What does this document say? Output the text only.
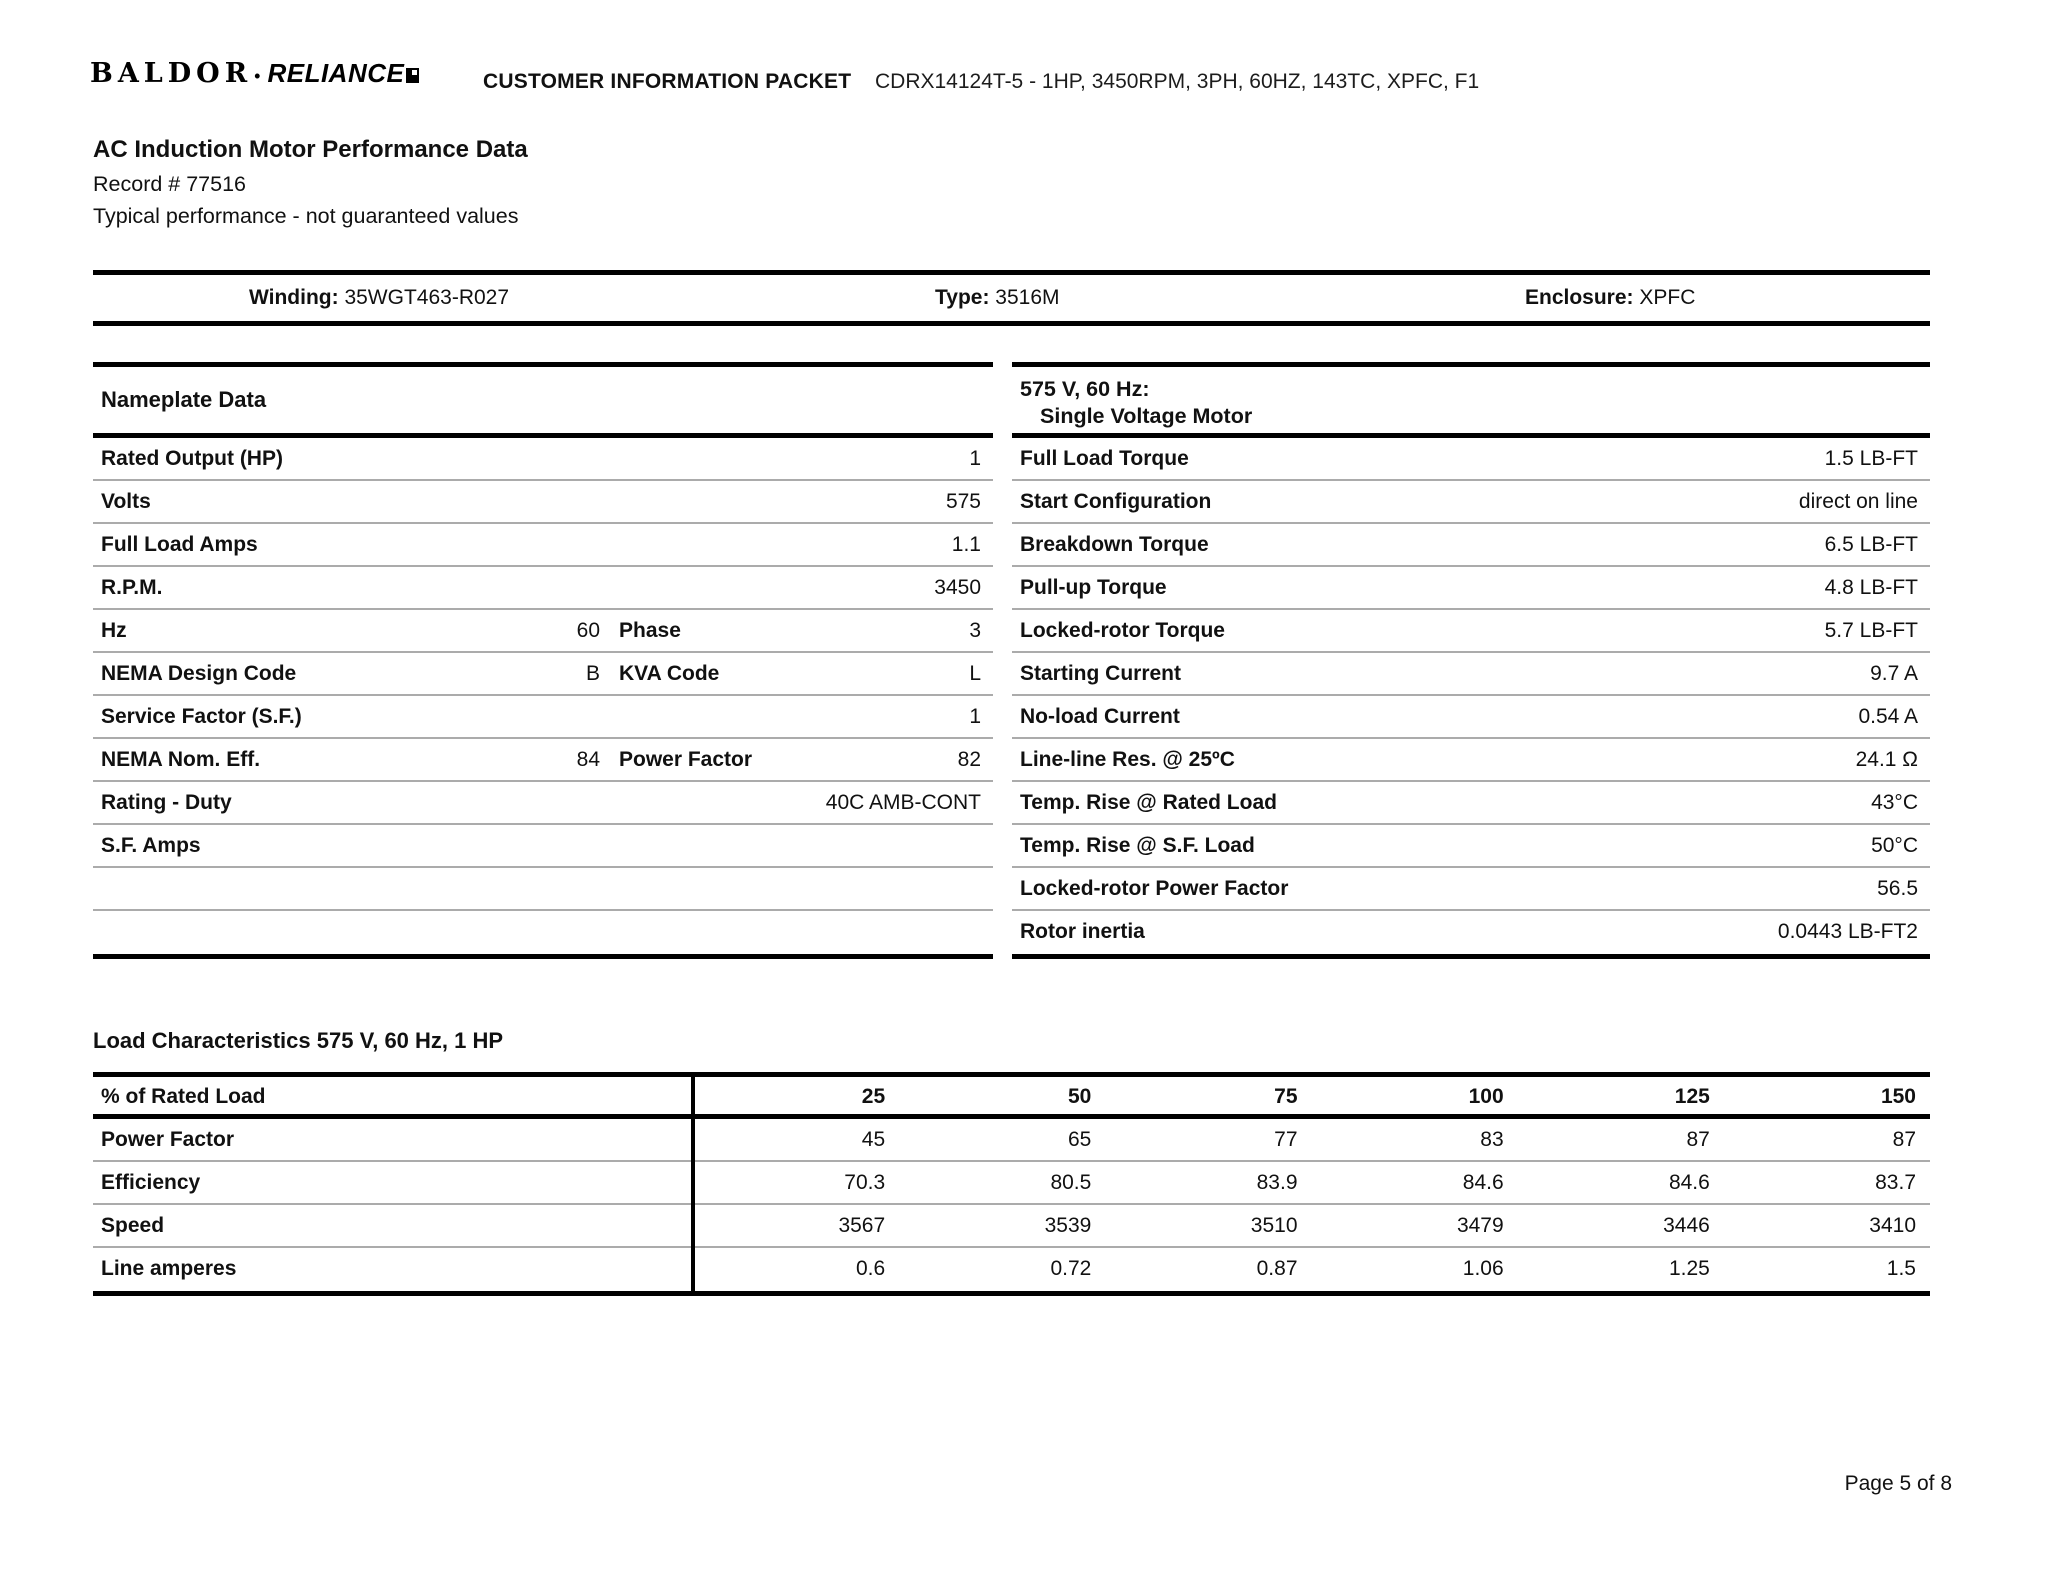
BALDOR • RELIANCE	CUSTOMER INFORMATION PACKET CDRX14124T-5 - 1HP, 3450RPM, 3PH, 60HZ, 143TC, XPFC, F1
AC Induction Motor Performance Data
Record # 77516
Typical performance - not guaranteed values
Winding: 35WGT463-R027	Type: 3516M	Enclosure: XPFC
Nameplate Data
Rated Output (HP)	1
Volts	575
Full Load Amps	1.1
R.P.M.	3450
Hz	60 Phase	3
NEMA Design Code	B KVA Code	L
Service Factor (S.F.)	1
NEMA Nom. Eff.	84 Power Factor	82
Rating - Duty	40C AMB-CONT
S.F. Amps
575 V, 60 Hz:
Single Voltage Motor
Full Load Torque	1.5 LB-FT
Start Configuration	direct on line
Breakdown Torque	6.5 LB-FT
Pull-up Torque	4.8 LB-FT
Locked-rotor Torque	5.7 LB-FT
Starting Current	9.7 A
No-load Current	0.54 A
Line-line Res. @ 25ºC	24.1 Ω
Temp. Rise @ Rated Load	43°C
Temp. Rise @ S.F. Load	50°C
Locked-rotor Power Factor	56.5
Rotor inertia	0.0443 LB-FT2
Load Characteristics 575 V, 60 Hz, 1 HP
% of Rated Load	25	50	75	100	125	150
Power Factor	45	65	77	83	87	87
Efficiency	70.3	80.5	83.9	84.6	84.6	83.7
Speed	3567	3539	3510	3479	3446	3410
Line amperes	0.6	0.72	0.87	1.06	1.25	1.5
Page 5 of 8
